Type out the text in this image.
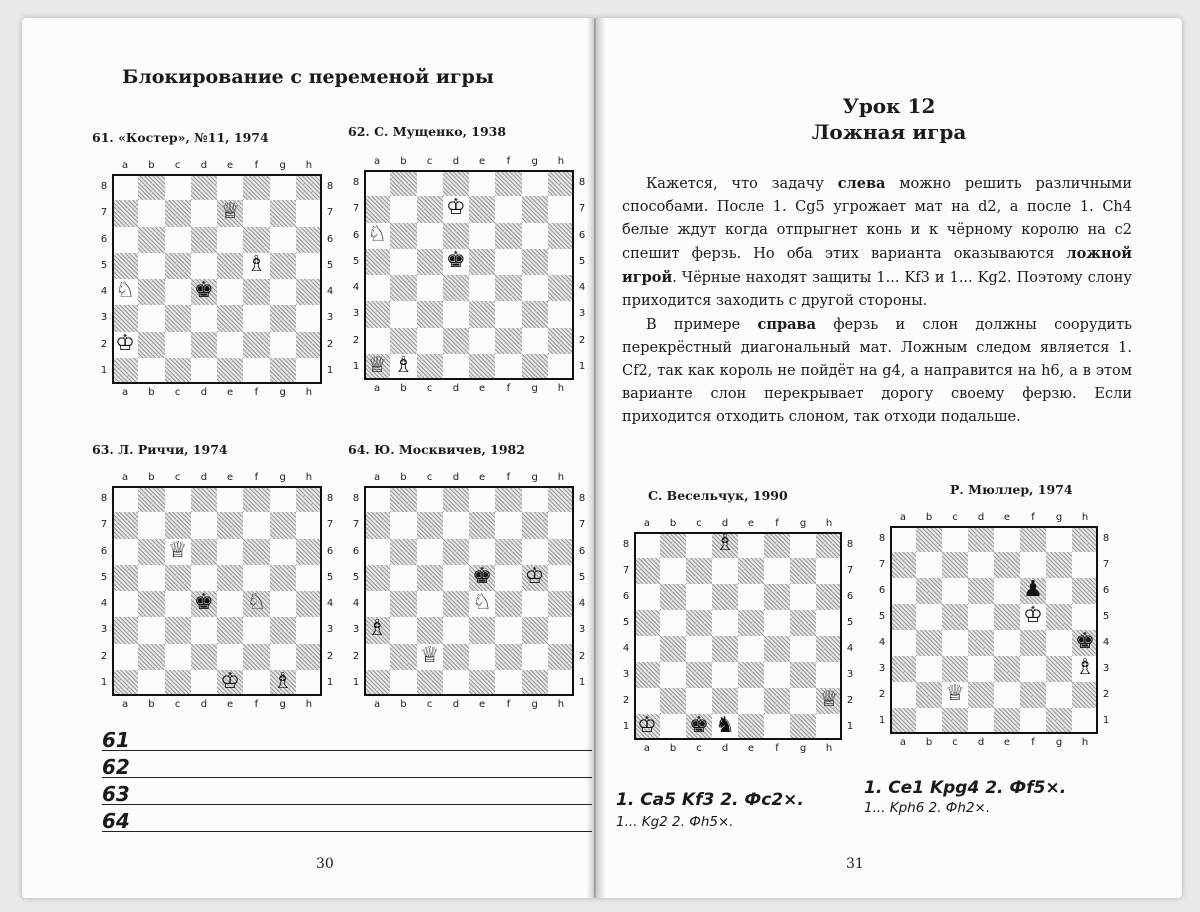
Блокирование с переменой игры
61. «Костер», №11, 1974	62. С. Мущенко, 1938
63. Л. Риччи, 1974	64. Ю. Москвичев, 1982
♕
♗
♚
♘
♔
a
a
8	8
b
b
7	7
c
c
6	6
d
d
5	5
e
e
4	4
f
f
3	3
g
g
2	2
h
h
1	1
♔
♘
♚
♕ ♗
a
a
8	8
b
b
7	7
c
c
6	6
d
d
5	5
e
e
4	4
f
f
3	3
g
g
2	2
h
h
1	1
♕
♚ ♘
♔ ♗
a
a
8	8
b
b
7	7
c
c
6	6
d
d
5	5
e
e
4	4
f
f
3	3
g
g
2	2
h
h
1	1
♚ ♔
♘
♗
♕
a
a
8	8
b
b
7	7
c
c
6	6
d
d
5	5
e
e
4	4
f
f
3	3
g
g
2	2
h
h
1	1
61
62
63
64
30
Урок 12
Ложная игра

Кажется, что задачу слева можно решить различными способами. После 1. Cg5 угрожает мат на d2, а после 1. Ch4 белые ждут когда отпрыгнет конь и к чёрному королю на c2 спешит ферзь. Но оба этих варианта оказываются ложной игрой. Чёрные находят защиты 1... Kf3 и 1... Kg2. Поэтому слону приходится заходить с другой стороны.

В примере справа ферзь и слон должны соорудить перекрёстный диагональный мат. Ложным следом является 1. Cf2, так как король не пойдёт на g4, а направится на h6, а в этом варианте слон перекрывает дорогу своему ферзю. Если приходится отходить слоном, так отходи подальше.

С. Весельчук, 1990	Р. Мюллер, 1974
♗
♕
♔ ♚ ♞
a
a
8	8
b
b
7	7
c
c
6	6
d
d
5	5
e
e
4	4
f
f
3	3
g
g
2	2
h
h
1	1
♟
♔
♚
♗
♕
a
a
8	8
b
b
7	7
c
c
6	6
d
d
5	5
e
e
4	4
f
f
3	3
g
g
2	2
h
h
1	1
1. Ca5 Kf3 2. Фc2×.
1... Kg2 2. Фh5×.
1. Ce1 Kpg4 2. Фf5×.
1... Kph6 2. Фh2×.
31
